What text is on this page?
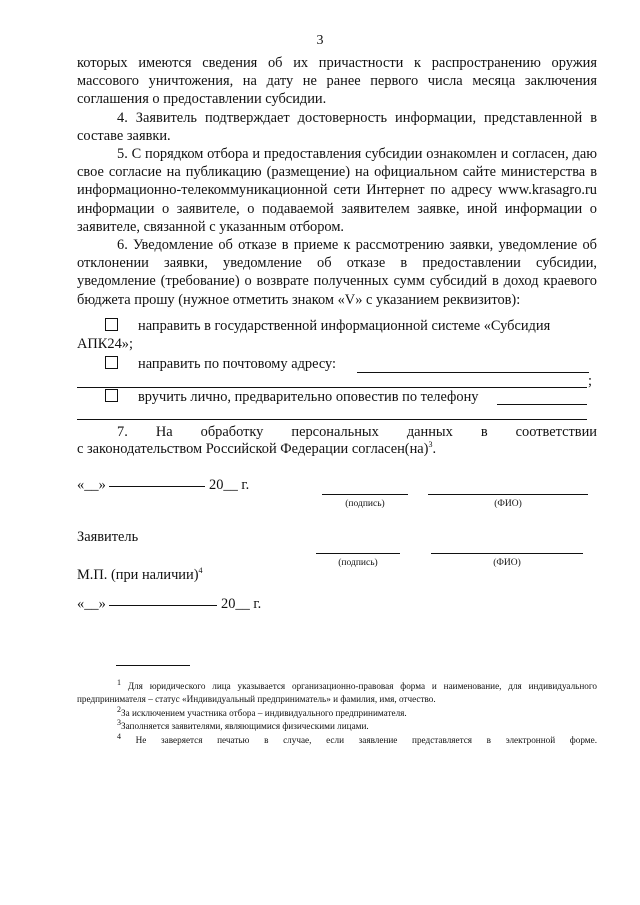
3

которых имеются сведения об их причастности к распространению оружия массового уничтожения, на дату не ранее первого числа месяца заключения соглашения о предоставлении субсидии.

4. Заявитель подтверждает достоверность информации, представленной в составе заявки.

5. С порядком отбора и предоставления субсидии ознакомлен и согласен, даю свое согласие на публикацию (размещение) на официальном сайте министерства в информационно-телекоммуникационной сети Интернет по адресу www.krasagro.ru информации о заявителе, о подаваемой заявителем заявке, иной информации о заявителе, связанной с указанным отбором.

6. Уведомление об отказе в приеме к рассмотрению заявки, уведомление об отклонении заявки, уведомление об отказе в предоставлении субсидии, уведомление (требование) о возврате полученных сумм субсидий в доход краевого бюджета прошу (нужное отметить знаком «V» с указанием реквизитов):

направить в государственной информационной системе «Субсидия
АПК24»;
направить по почтовому адресу:
;
вручить лично, предварительно оповестив по телефону
7. На обработку персональных данных в соответствии
с законодательством Российской Федерации согласен(на)$^3$.
«__»	20__ г.
(подпись)	(ФИО)
Заявитель
(подпись)	(ФИО)
М.П. (при наличии)$^4$
«__»	20__ г.

$^1$ Для юридического лица указывается организационно-правовая форма и наименование, для индивидуального предпринимателя – статус «Индивидуальный предприниматель» и фамилия, имя, отчество.

$^2$За исключением участника отбора – индивидуального предпринимателя.

$^3$Заполняется заявителями, являющимися физическими лицами.

$^4$ Не заверяется печатью в случае, если заявление представляется в электронной форме.
